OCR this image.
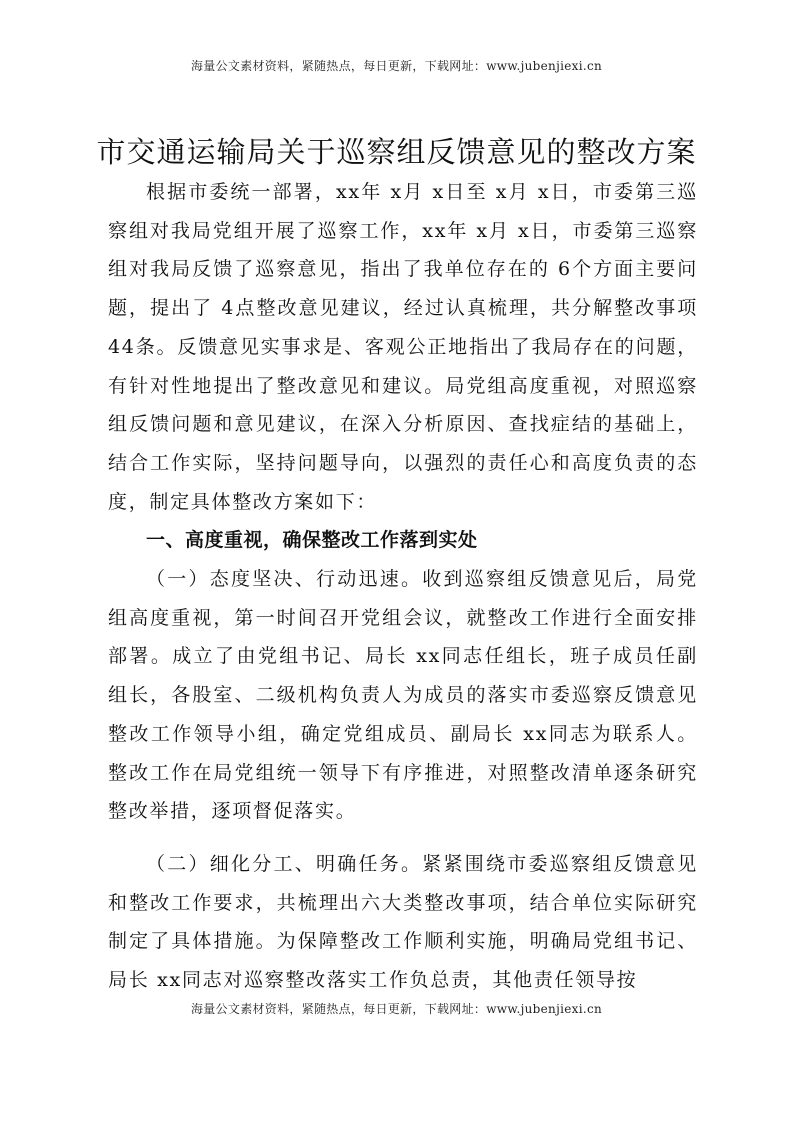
海量公文素材资料，紧随热点，每日更新，下载网址：www.jubenjiexi.cn
市交通运输局关于巡察组反馈意见的整改方案

根据市委统一部署，xx年 x月 x日至 x月 x日，市委第三巡察组对我局党组开展了巡察工作，xx年 x月 x日，市委第三巡察组对我局反馈了巡察意见，指出了我单位存在的 6个方面主要问题，提出了 4点整改意见建议，经过认真梳理，共分解整改事项 44条。反馈意见实事求是、客观公正地指出了我局存在的问题，有针对性地提出了整改意见和建议。局党组高度重视，对照巡察组反馈问题和意见建议，在深入分析原因、查找症结的基础上，结合工作实际，坚持问题导向，以强烈的责任心和高度负责的态度，制定具体整改方案如下：

一、高度重视，确保整改工作落到实处

（一）态度坚决、行动迅速。收到巡察组反馈意见后，局党组高度重视，第一时间召开党组会议，就整改工作进行全面安排部署。成立了由党组书记、局长 xx同志任组长，班子成员任副组长，各股室、二级机构负责人为成员的落实市委巡察反馈意见整改工作领导小组，确定党组成员、副局长 xx同志为联系人。整改工作在局党组统一领导下有序推进，对照整改清单逐条研究整改举措，逐项督促落实。

（二）细化分工、明确任务。紧紧围绕市委巡察组反馈意见和整改工作要求，共梳理出六大类整改事项，结合单位实际研究制定了具体措施。为保障整改工作顺利实施，明确局党组书记、局长 xx同志对巡察整改落实工作负总责，其他责任领导按

海量公文素材资料，紧随热点，每日更新，下载网址：www.jubenjiexi.cn
